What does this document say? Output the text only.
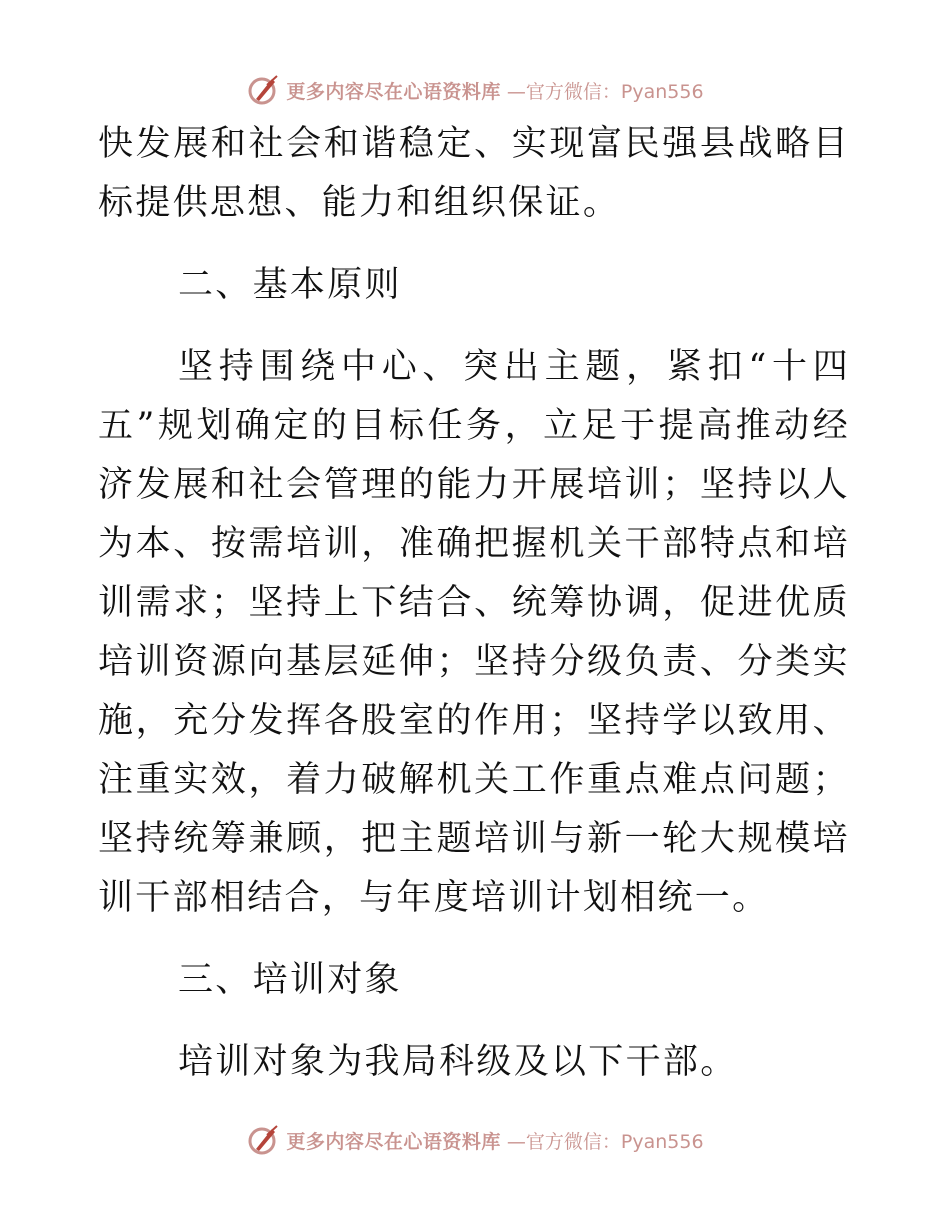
更多内容尽在心语资料库 —官方微信：Pyan556

快发展和社会和谐稳定、实现富民强县战略目标提供思想、能力和组织保证。

二、基本原则

坚持围绕中心、突出主题，紧扣“十四五”规划确定的目标任务，立足于提高推动经济发展和社会管理的能力开展培训；坚持以人为本、按需培训，准确把握机关干部特点和培训需求；坚持上下结合、统筹协调，促进优质培训资源向基层延伸；坚持分级负责、分类实施，充分发挥各股室的作用；坚持学以致用、注重实效，着力破解机关工作重点难点问题；坚持统筹兼顾，把主题培训与新一轮大规模培训干部相结合，与年度培训计划相统一。

三、培训对象

培训对象为我局科级及以下干部。

更多内容尽在心语资料库 —官方微信：Pyan556
